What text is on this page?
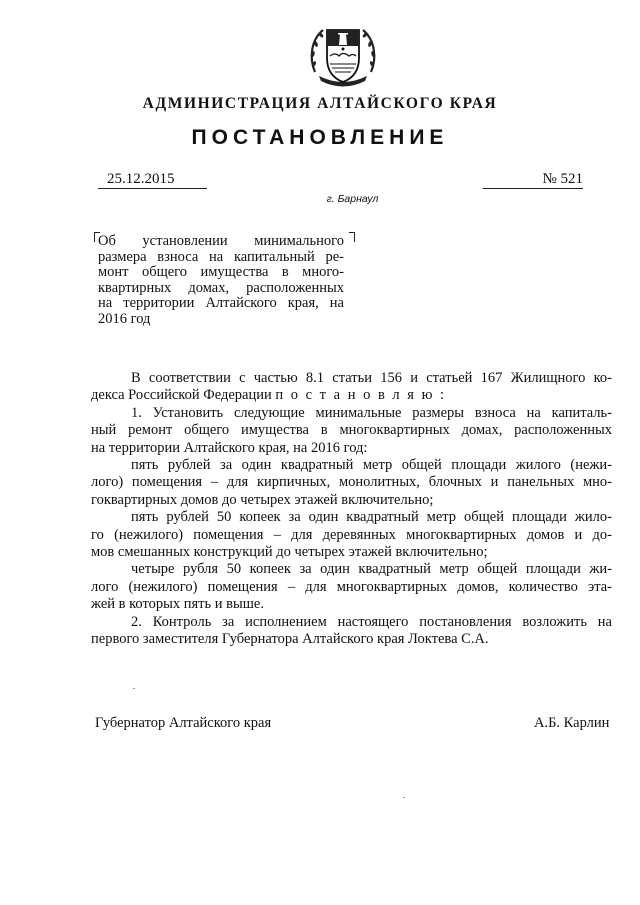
АДМИНИСТРАЦИЯ АЛТАЙСКОГО КРАЯ
ПОСТАНОВЛЕНИЕ
25.12.2015	№ 521
г. Барнаул
Об установлении минимального
размера взноса на капитальный ре-
монт общего имущества в много-
квартирных домах, расположенных
на территории Алтайского края, на
2016 год
В соответствии с частью 8.1 статьи 156 и статьей 167 Жилищного ко-
декса Российской Федерации п о с т а н о в л я ю :
1. Установить следующие минимальные размеры взноса на капиталь-
ный ремонт общего имущества в многоквартирных домах, расположенных
на территории Алтайского края, на 2016 год:
пять рублей за один квадратный метр общей площади жилого (нежи-
лого) помещения – для кирпичных, монолитных, блочных и панельных мно-
гоквартирных домов до четырех этажей включительно;
пять рублей 50 копеек за один квадратный метр общей площади жило-
го (нежилого) помещения – для деревянных многоквартирных домов и до-
мов смешанных конструкций до четырех этажей включительно;
четыре рубля 50 копеек за один квадратный метр общей площади жи-
лого (нежилого) помещения – для многоквартирных домов, количество эта-
жей в которых пять и выше.
2. Контроль за исполнением настоящего постановления возложить на
первого заместителя Губернатора Алтайского края Локтева С.А.
Губернатор Алтайского края	А.Б. Карлин
